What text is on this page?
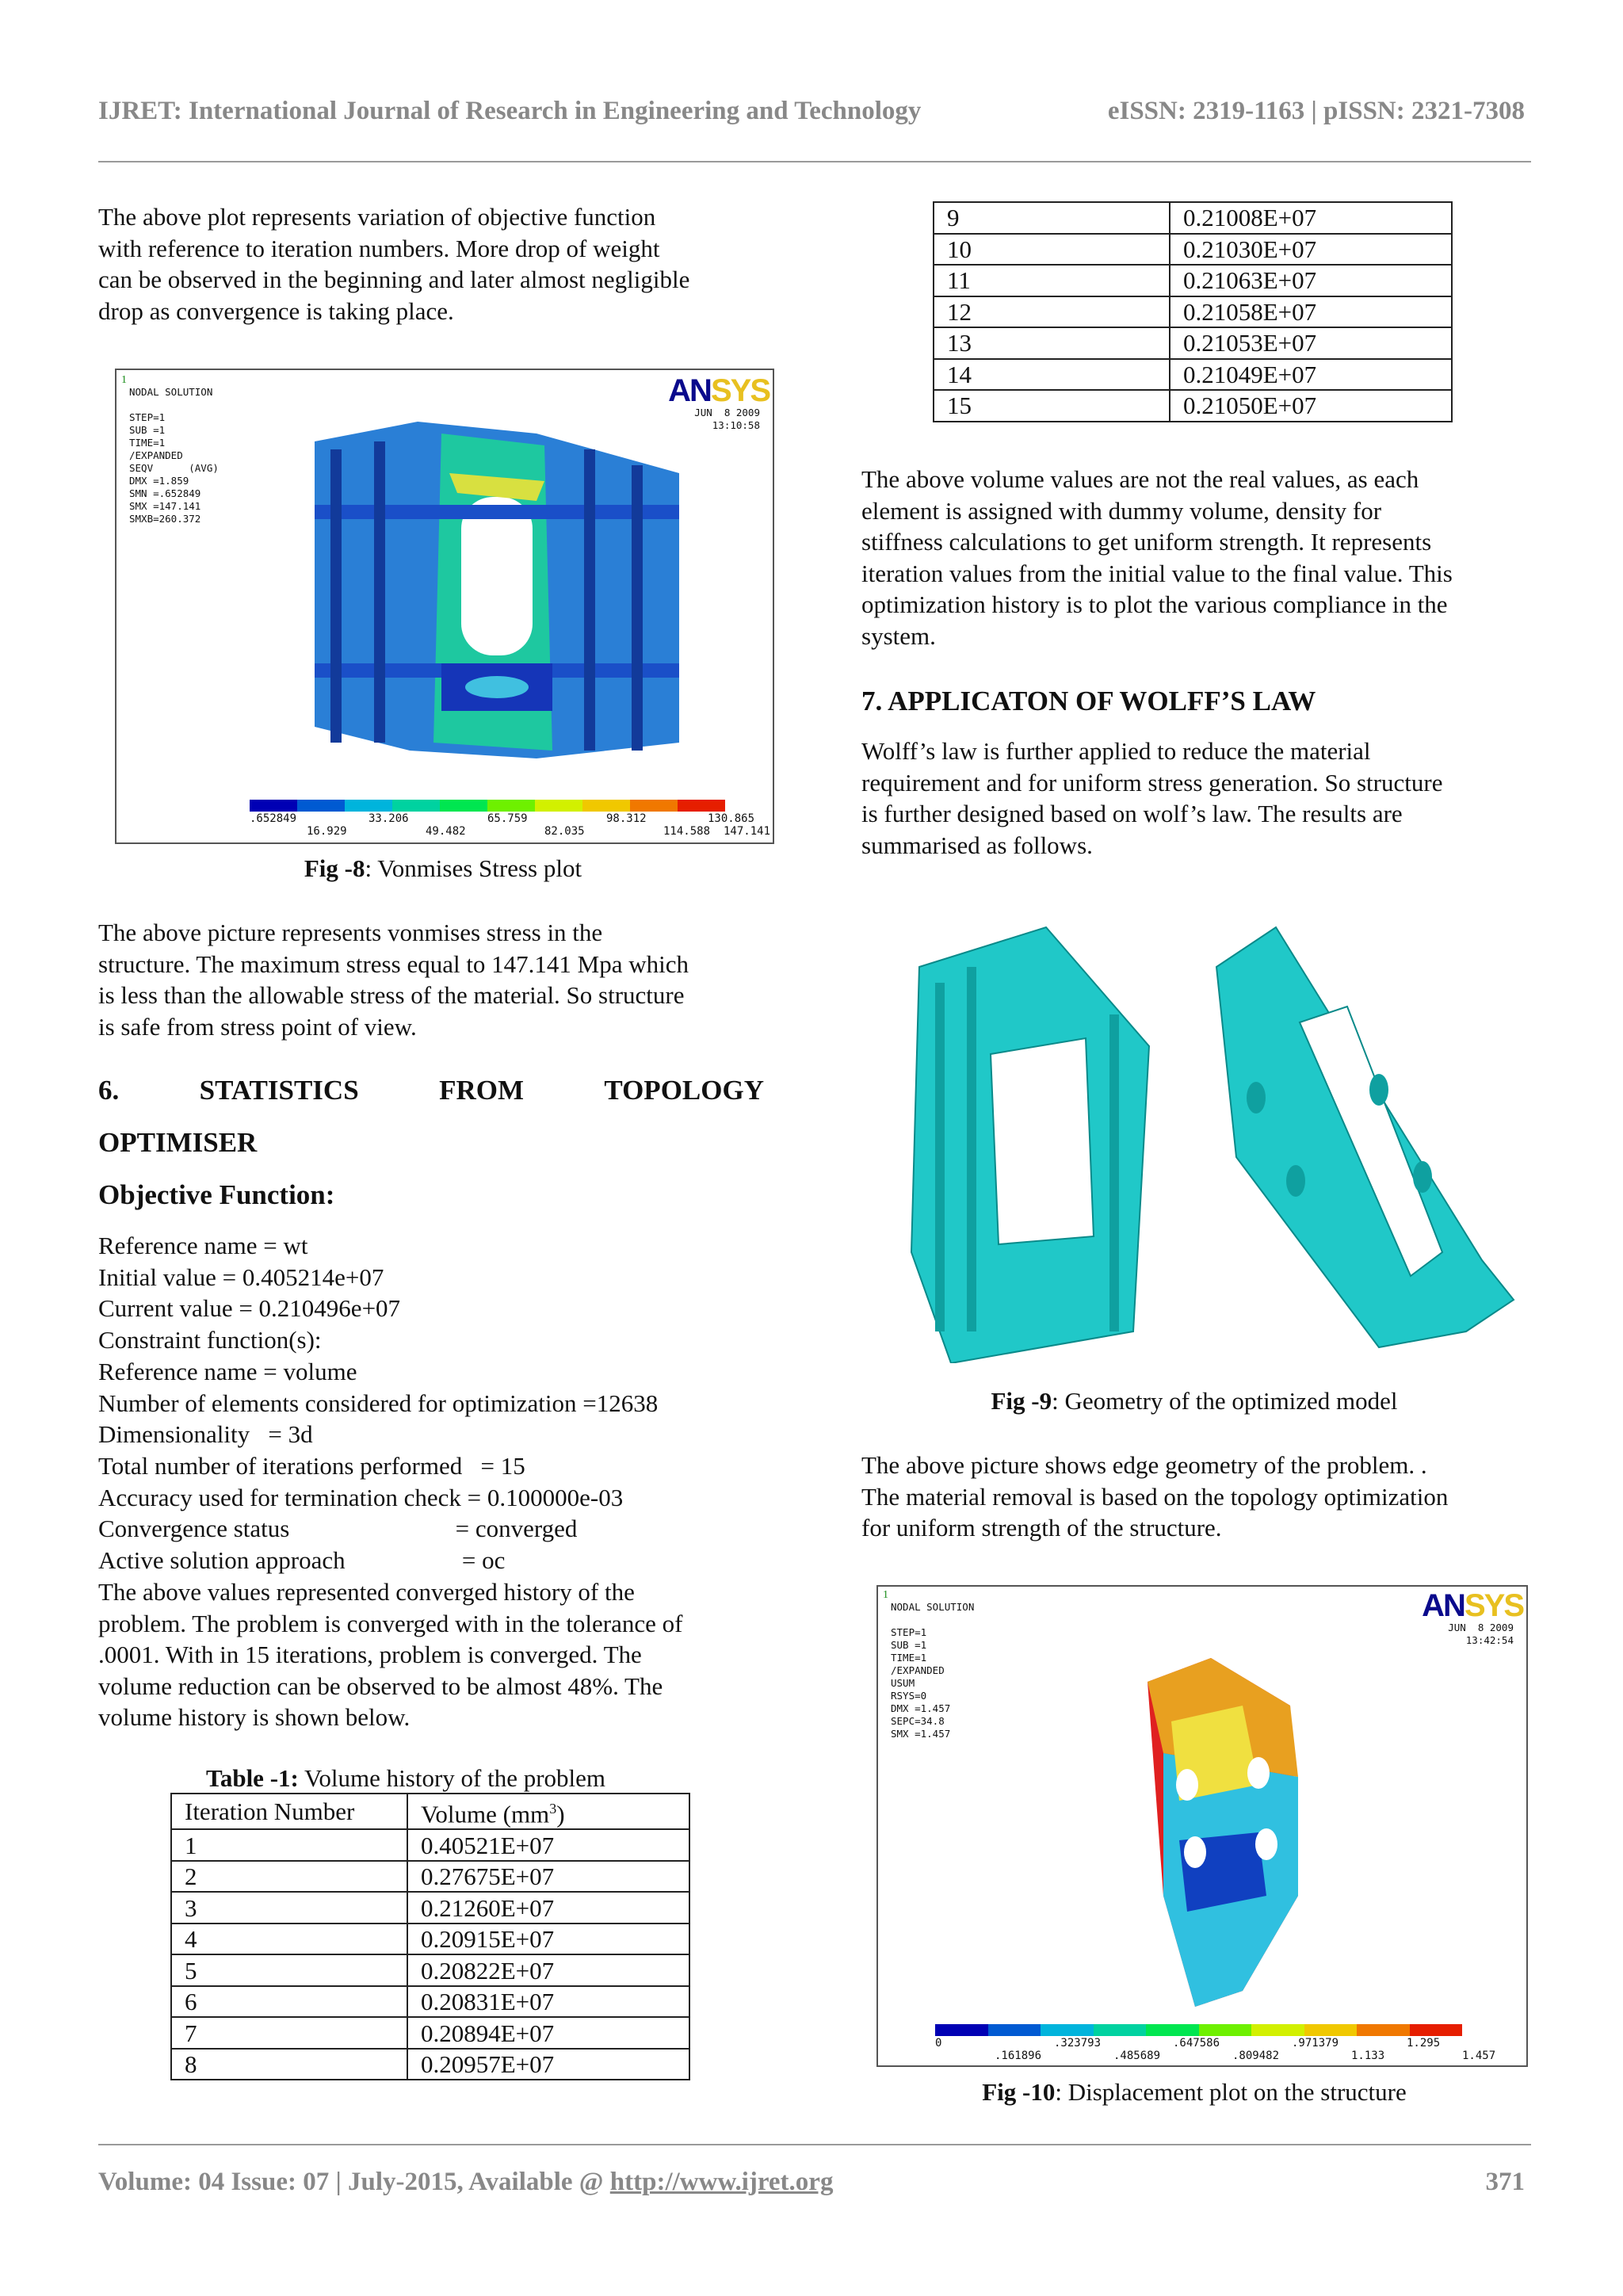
IJRET: International Journal of Research in Engineering and Technology	eISSN: 2319-1163 | pISSN: 2321-7308

The above plot represents variation of objective function
with reference to iteration numbers. More drop of weight
can be observed in the beginning and later almost negligible
drop as convergence is taking place.

1
NODAL SOLUTION

STEP=1
SUB =1
TIME=1
/EXPANDED
SEQV      (AVG)
DMX =1.859
SMN =.652849
SMX =147.141
SMXB=260.372
ANSYS
JUN  8 2009
13:10:58
.652849	33.206	65.759	98.312	130.865
16.929	49.482	82.035	114.588 147.141
Fig -8: Vonmises Stress plot

The above picture represents vonmises stress in the
structure. The maximum stress equal to 147.141 Mpa which
is less than the allowable stress of the material. So structure
is safe from stress point of view.

6.	STATISTICS	FROM	TOPOLOGY
OPTIMISER
Objective Function:
Reference name = wt
Initial value = 0.405214e+07
Current value = 0.210496e+07
Constraint function(s):
Reference name = volume
Number of elements considered for optimization =12638
Dimensionality   = 3d
Total number of iterations performed   = 15
Accuracy used for termination check = 0.100000e-03
Convergence status                           = converged
Active solution approach                   = oc

The above values represented converged history of the
problem. The problem is converged with in the tolerance of
.0001. With in 15 iterations, problem is converged. The
volume reduction can be observed to be almost 48%. The
volume history is shown below.

Table -1: Volume history of the problem
Iteration Number	Volume $(mm^3)$
1	0.40521E+07
2	0.27675E+07
3	0.21260E+07
4	0.20915E+07
5	0.20822E+07
6	0.20831E+07
7	0.20894E+07
8	0.20957E+07
9	0.21008E+07
10	0.21030E+07
11	0.21063E+07
12	0.21058E+07
13	0.21053E+07
14	0.21049E+07
15	0.21050E+07

The above volume values are not the real values, as each
element is assigned with dummy volume, density for
stiffness calculations to get uniform strength. It represents
iteration values from the initial value to the final value. This
optimization history is to plot the various compliance in the
system.

7. APPLICATON OF WOLFF’S LAW

Wolff’s law is further applied to reduce the material
requirement and for uniform stress generation. So structure
is further designed based on wolf’s law. The results are
summarised as follows.

Fig -9: Geometry of the optimized model

The above picture shows edge geometry of the problem. .
The material removal is based on the topology optimization
for uniform strength of the structure.

1
NODAL SOLUTION

STEP=1
SUB =1
TIME=1
/EXPANDED
USUM
RSYS=0
DMX =1.457
SEPC=34.8
SMX =1.457
ANSYS
JUN  8 2009
13:42:54
0	.323793	.647586	.971379	1.295
.161896	.485689	.809482	1.133	1.457
Fig -10: Displacement plot on the structure
Volume: 04 Issue: 07 | July-2015, Available @ http://www.ijret.org	371
